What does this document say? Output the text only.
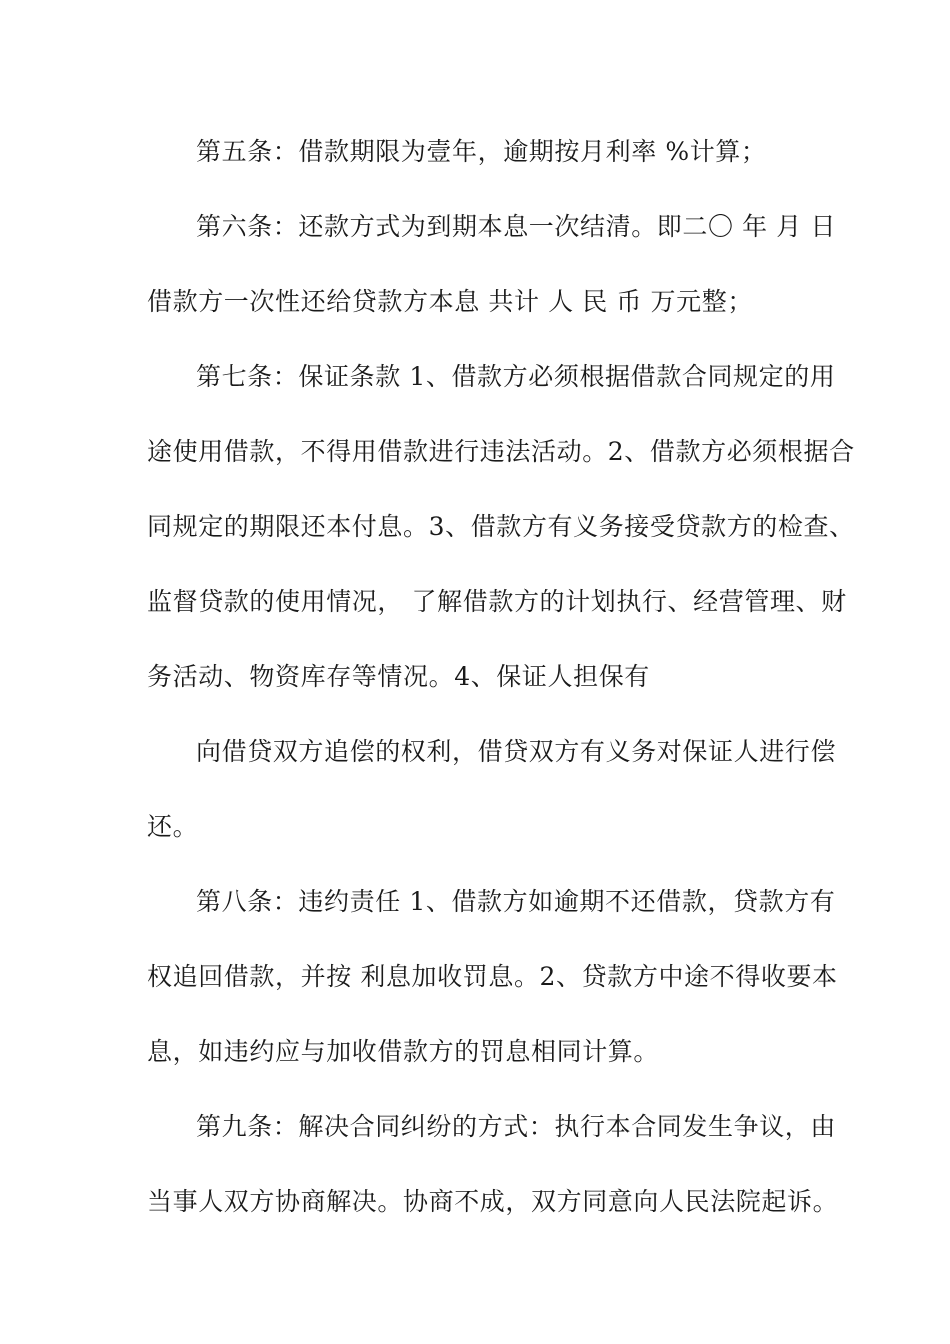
第五条：借款期限为壹年，逾期按月利率 %计算；
第六条：还款方式为到期本息一次结清。即二〇 年 月 日
借款方一次性还给贷款方本息 共计 人 民 币 万元整；
第七条：保证条款 1、借款方必须根据借款合同规定的用
途使用借款，不得用借款进行违法活动。2、借款方必须根据合
同规定的期限还本付息。3、借款方有义务接受贷款方的检查、
监督贷款的使用情况， 了解借款方的计划执行、经营管理、财
务活动、物资库存等情况。4、保证人担保有
向借贷双方追偿的权利，借贷双方有义务对保证人进行偿
还。
第八条：违约责任 1、借款方如逾期不还借款，贷款方有
权追回借款，并按 利息加收罚息。2、贷款方中途不得收要本
息，如违约应与加收借款方的罚息相同计算。
第九条：解决合同纠纷的方式：执行本合同发生争议，由
当事人双方协商解决。协商不成，双方同意向人民法院起诉。
